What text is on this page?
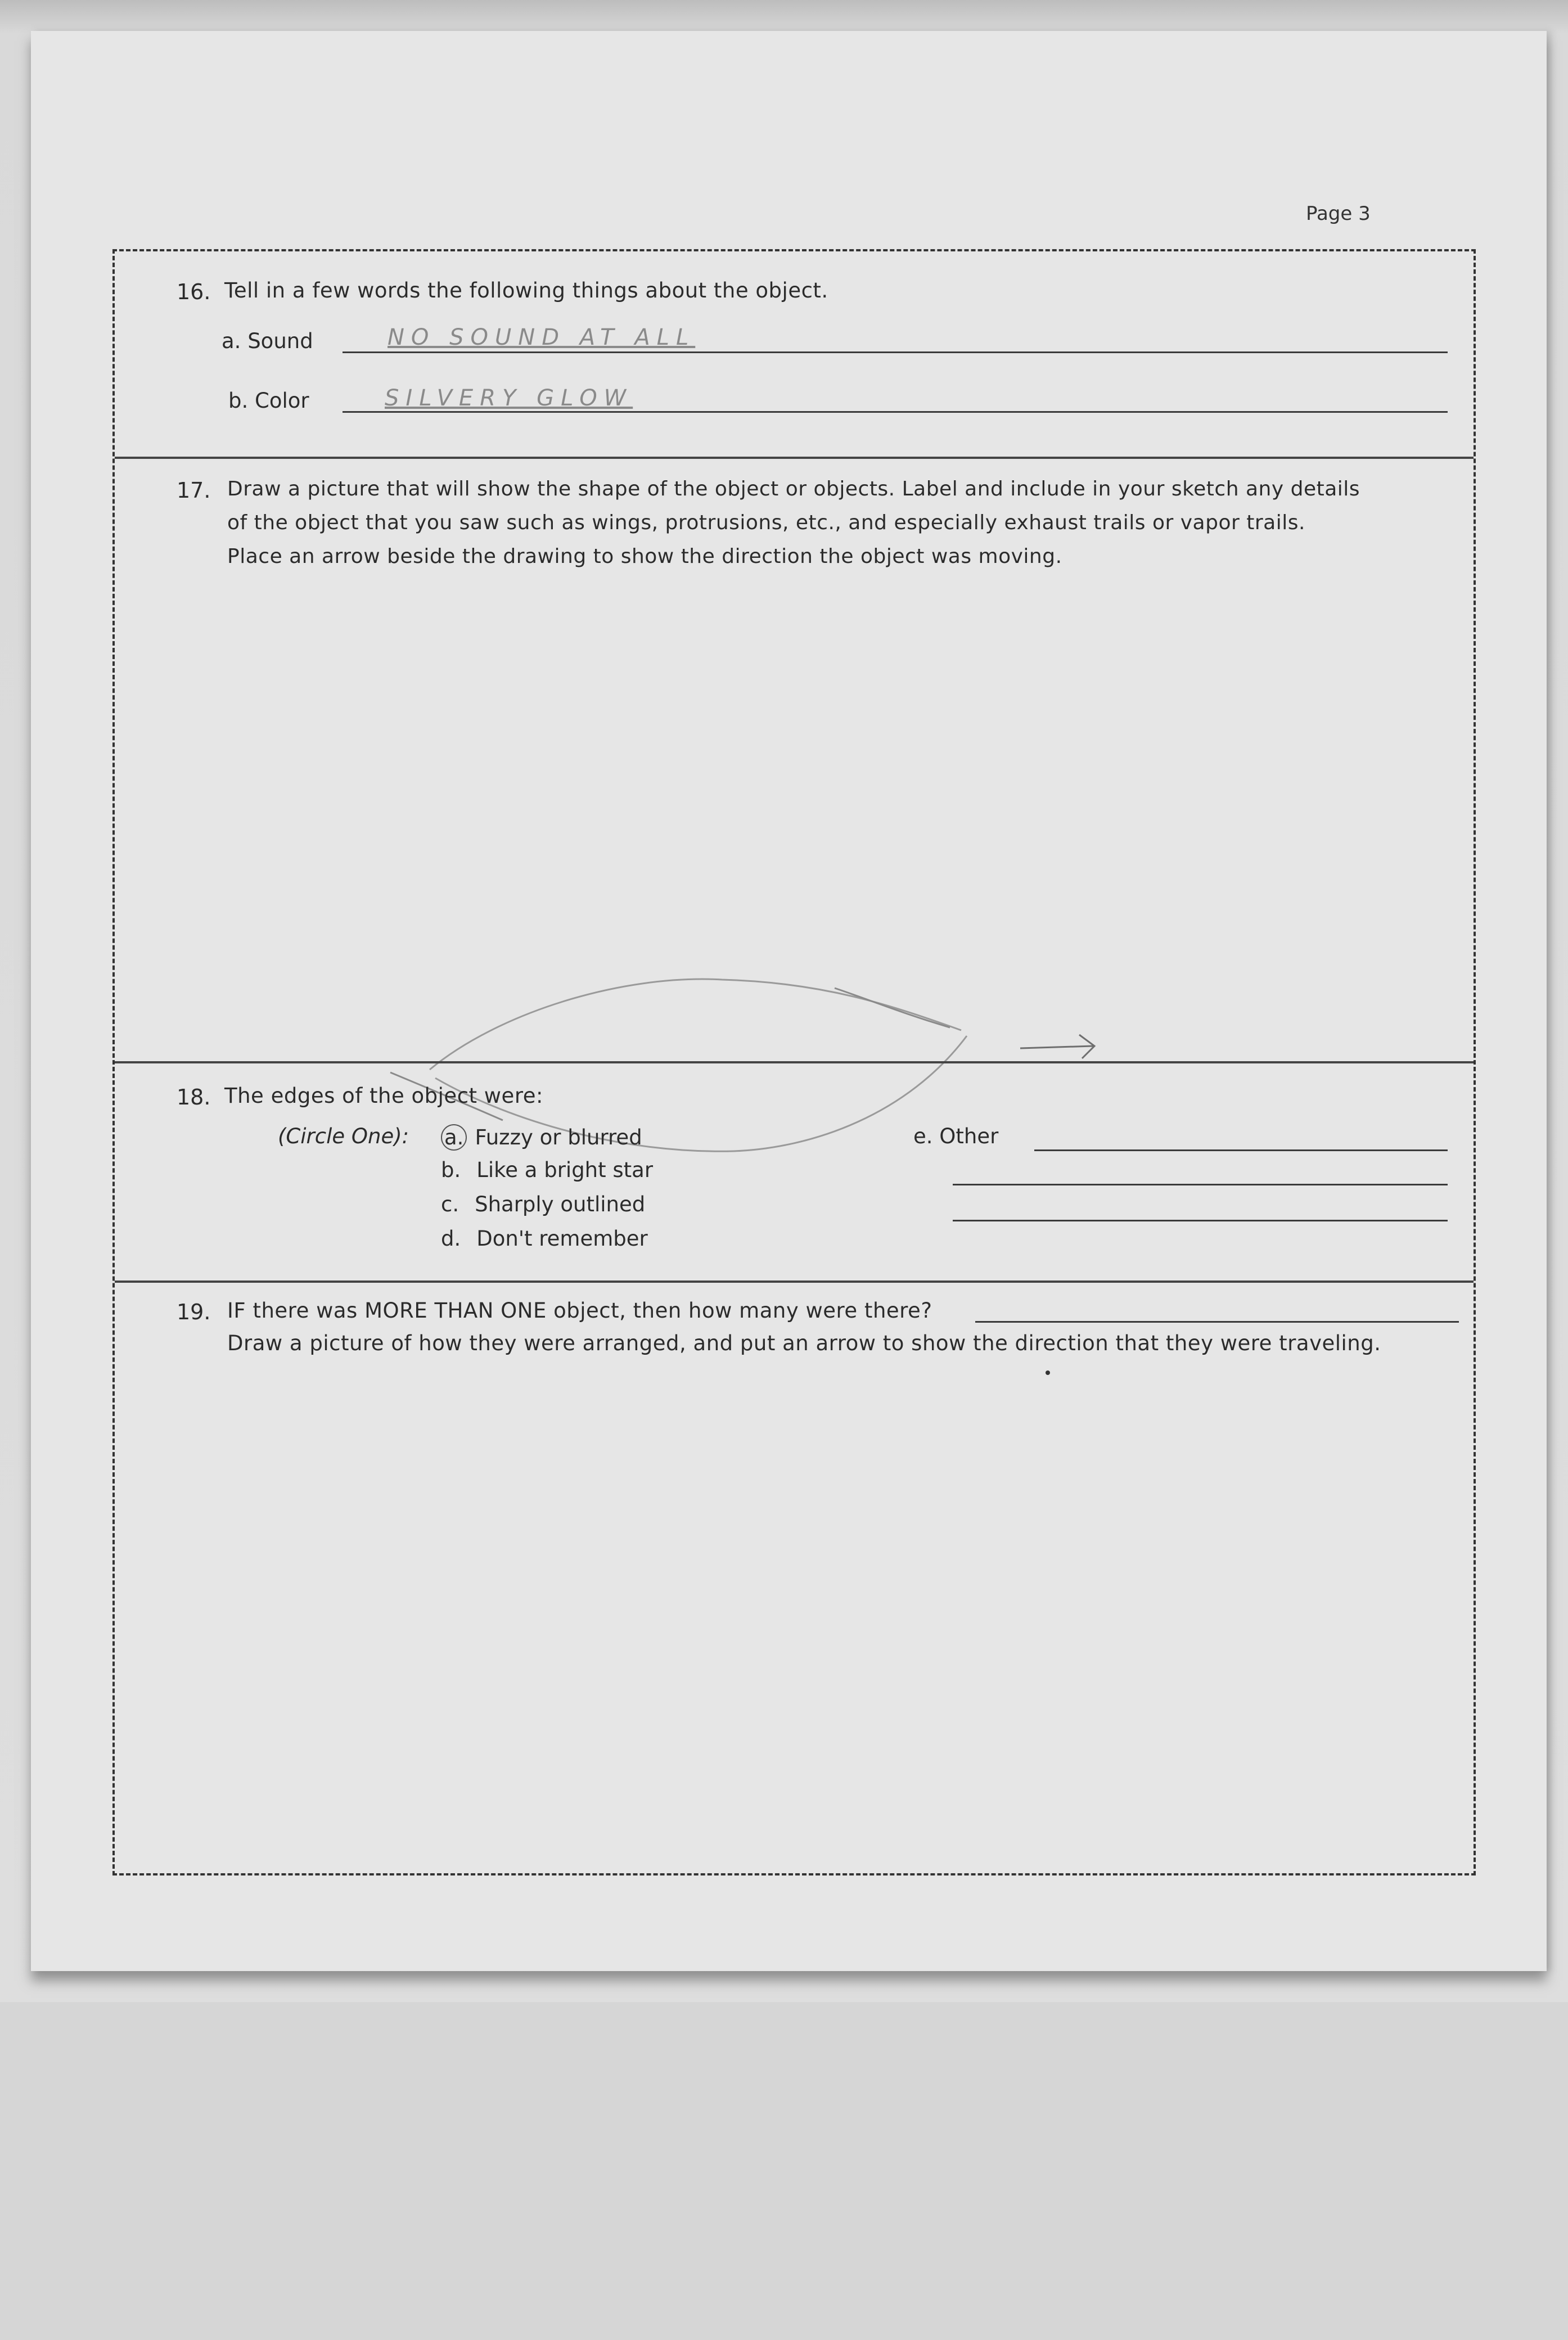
Page 3
16. Tell in a few words the following things about the object.
a. Sound	NO SOUND AT ALL
b. Color	SILVERY GLOW
17. Draw a picture that will show the shape of the object or objects. Label and include in your sketch any details
of the object that you saw such as wings, protrusions, etc., and especially exhaust trails or vapor trails.
Place an arrow beside the drawing to show the direction the object was moving.
18. The edges of the object were:
(Circle One): a. Fuzzy or blurred
b. Like a bright star
c. Sharply outlined
d. Don't remember
e. Other
19. IF there was MORE THAN ONE object, then how many were there?
Draw a picture of how they were arranged, and put an arrow to show the direction that they were traveling.
